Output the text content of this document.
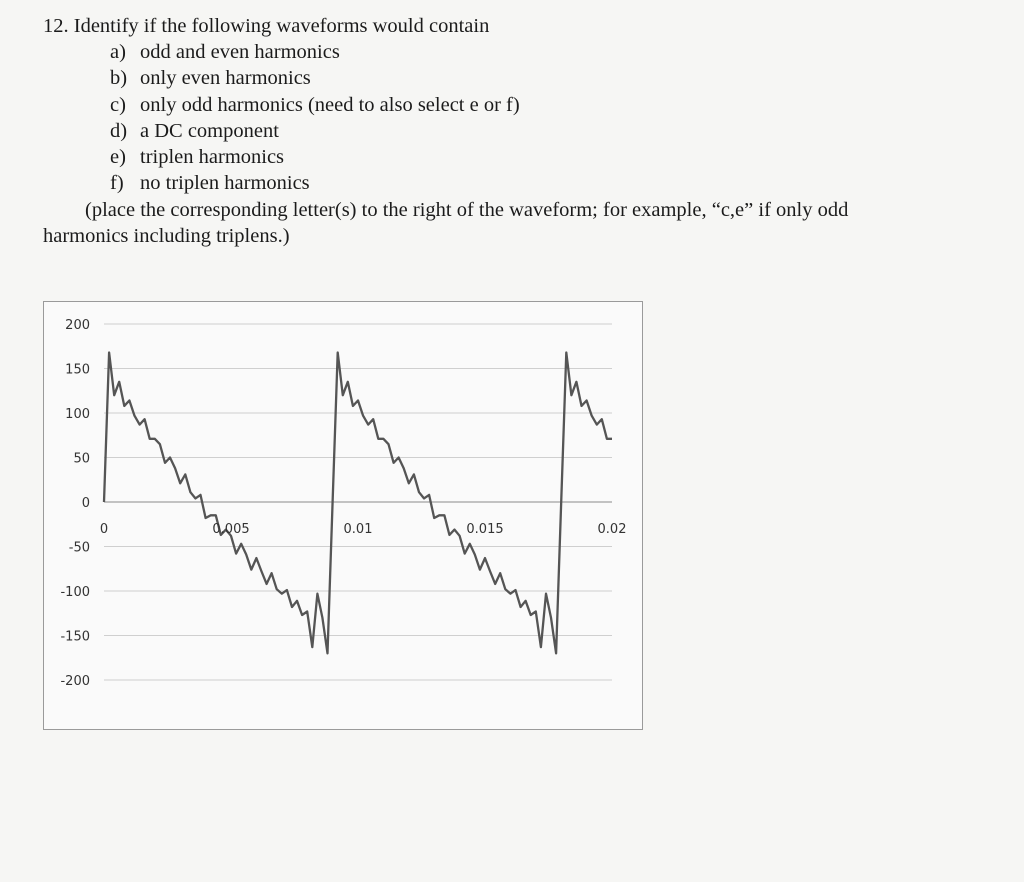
12. Identify if the following waveforms would contain
a) odd and even harmonics
b) only even harmonics
c) only odd harmonics (need to also select e or f)
d) a DC component
e) triplen harmonics
f) no triplen harmonics
(place the corresponding letter(s) to the right of the waveform; for example, “c,e” if only odd
harmonics including triplens.)
200
150
100
50
0
-50
-100
-150
-200
0	0.005	0.01	0.015	0.02
